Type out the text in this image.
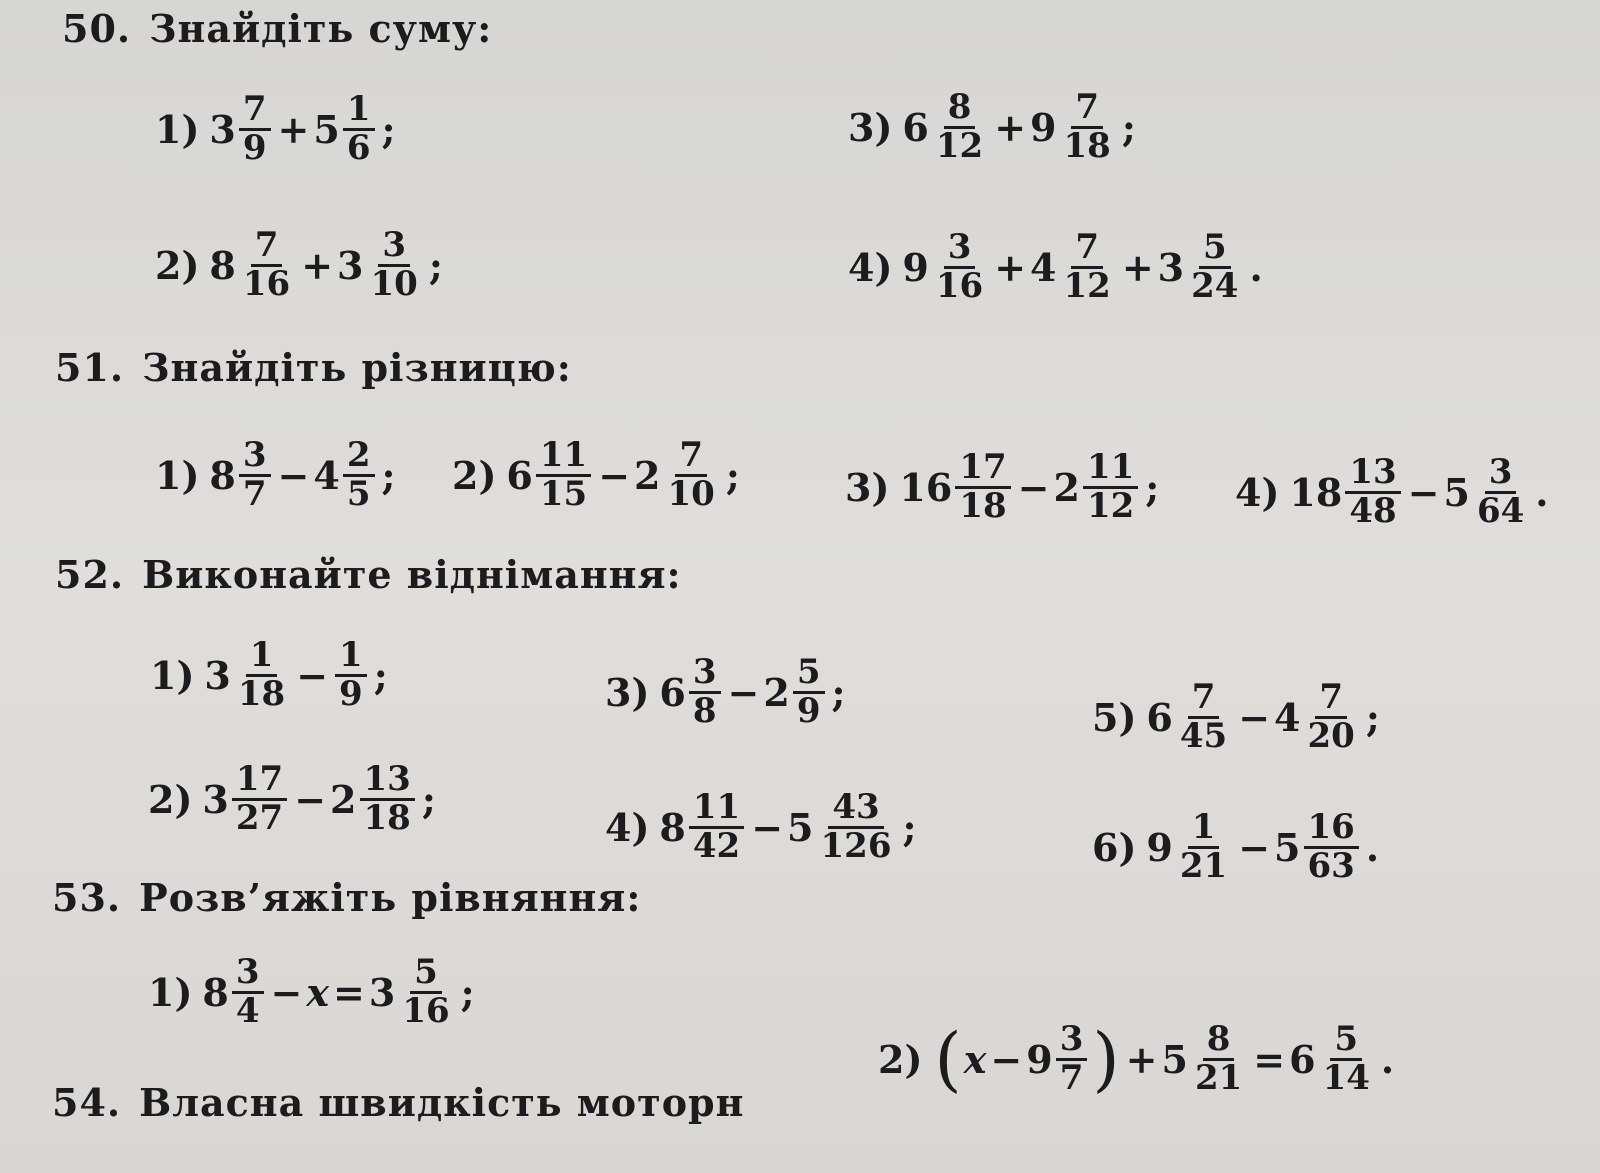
50. Знайдіть суму:
1) $3 \frac{7}{9} + 5 \frac{1}{6}$ ;	3) $6 \frac{8}{12} + 9 \frac{7}{18}$ ;
2) $8 \frac{7}{16} + 3 \frac{3}{10}$ ;	4) $9 \frac{3}{16} + 4 \frac{7}{12} + 3 \frac{5}{24}$ .
51. Знайдіть різницю:
1) $8 \frac{3}{7} - 4 \frac{2}{5}$ ; 2) $6 \frac{11}{15} - 2 \frac{7}{10}$ ;	3) $16 \frac{17}{18} - 2 \frac{11}{12}$ ; 4) $18 \frac{13}{48} - 5 \frac{3}{64}$ .
52. Виконайте віднімання:
1) $3 \frac{1}{18} - \frac{1}{9}$ ;	3) $6 \frac{3}{8} - 2 \frac{5}{9}$ ;
5) $6 \frac{7}{45} - 4 \frac{7}{20}$ ;
2) $3 \frac{17}{27} - 2 \frac{13}{18}$ ;
4) $8 \frac{11}{42} - 5 \frac{43}{126}$ ;	6) $9 \frac{1}{21} - 5 \frac{16}{63}$ .
53. Розв’яжіть рівняння:
1) $8 \frac{3}{4} - x = 3 \frac{5}{16}$ ;
2) ( $x - 9 \frac{3}{7}$ ) + $5 \frac{8}{21} = 6 \frac{5}{14}$ .
54. Власна швидкість моторн
